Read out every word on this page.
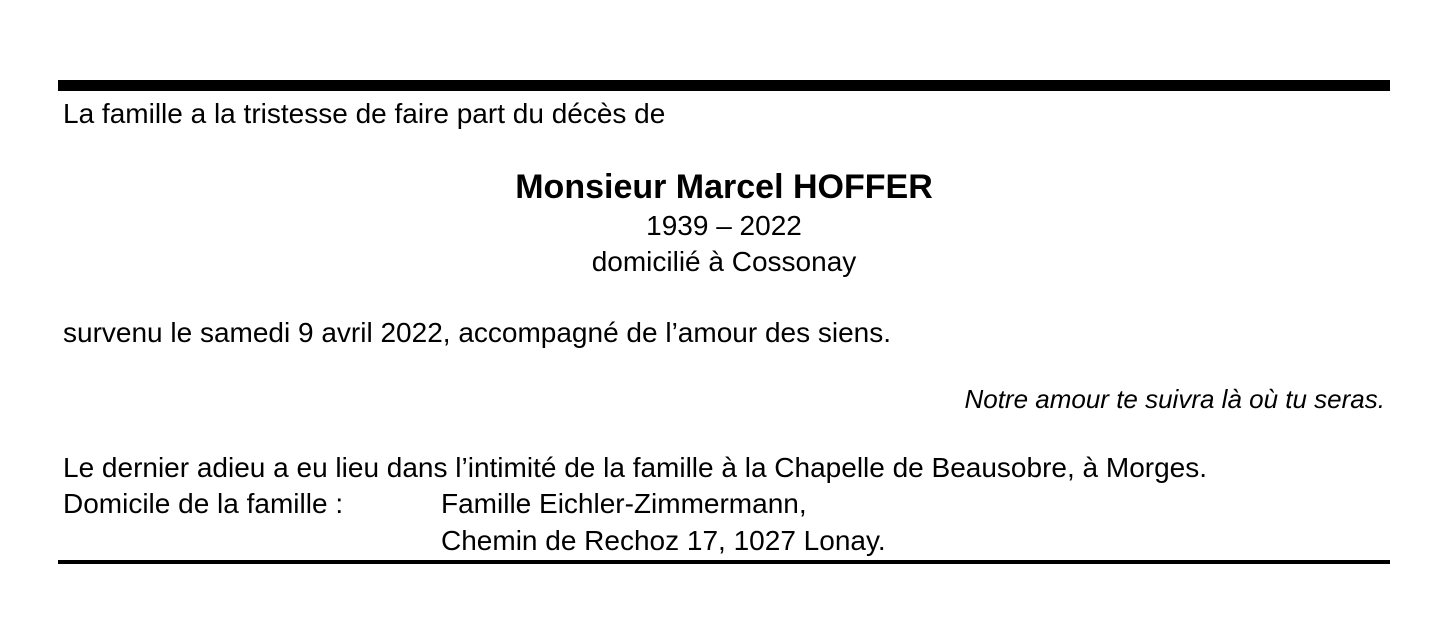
La famille a la tristesse de faire part du décès de
Monsieur Marcel HOFFER
1939 – 2022
domicilié à Cossonay
survenu le samedi 9 avril 2022, accompagné de l’amour des siens.
Notre amour te suivra là où tu seras.
Le dernier adieu a eu lieu dans l’intimité de la famille à la Chapelle de Beausobre, à Morges.
Domicile de la famille :	Famille Eichler-Zimmermann,
Chemin de Rechoz 17, 1027 Lonay.
